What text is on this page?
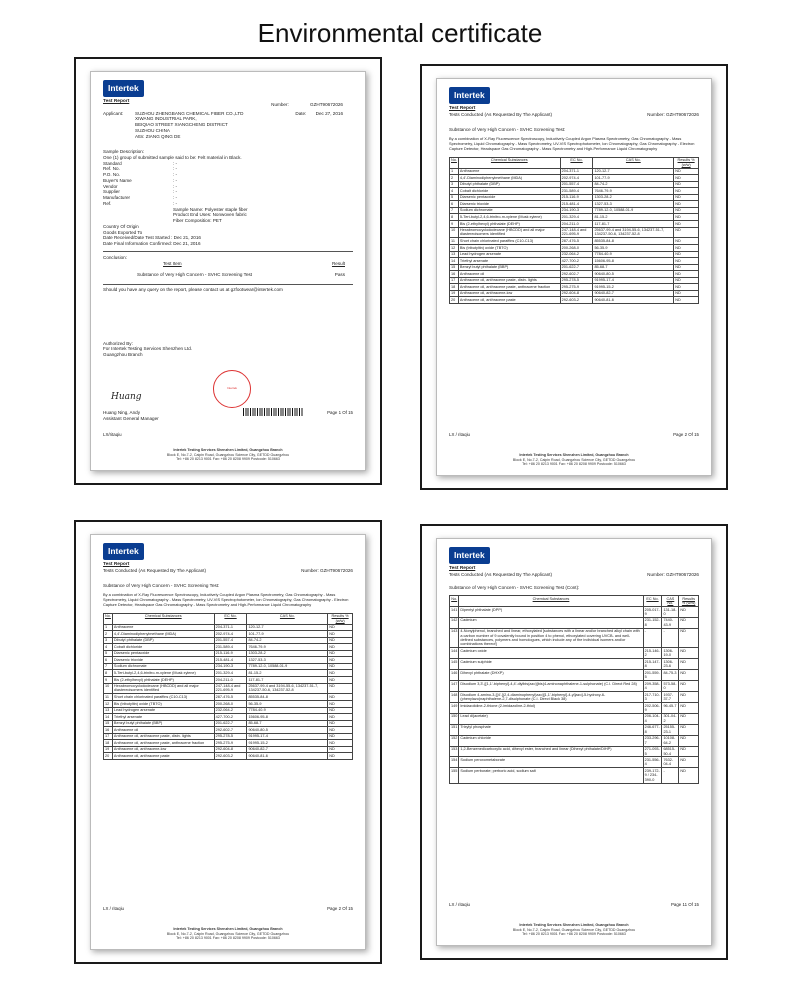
Environmental certificate
Intertek
Test Report
Number:	GZHT90672026
Applicant:	SUZHOU ZHENGBANG CHEMICAL FIBER CO.,LTD
XIWANG INDUSTRIAL PARK,
BEIQIAO STREET XIANGCHENG DISTRICT
SUZHOU CHINA
Attn: ZIANG QING DE
Date: Dec 27, 2016
Sample Description:
One (1) group of submitted sample said to be: Felt material in Black.
Standard	: -
Ref. No.	: -
P.O. No.	: -
Buyer's Name	: -
Vendor	: -
Supplier	: -
Manufacturer	: -
Ref.	: -
Sample Name: Polyester staple fiber
Product End Uses: Nonwoven fabric
Fiber Composition: PET
Country Of Origin
Goods Exported To
Date Received/Date Test Started : Dec 21, 2016
Date Final Information Confirmed: Dec 21, 2016
Conclusion:
Test Item	Result
Substance of Very High Concern - SVHC Screening Test	Pass
Should you have any query on the report, please contact us at gzfootwear@intertek.com
Authorized By:
For Intertek Testing Services Shenzhen Ltd.
Guangzhou Branch
Huang
Intertek
Huang Ning, Andy
Assistant General Manager
Page 1 Of 15
LX/ritaqiu
Intertek Testing Services Shenzhen Limited, Guangzhou Branch
Block E, No.7-2, Caipin Road, Guangzhou Science City, GETDD Guangzhou
Tel: +86 20 8213 9001 Fax: +86 20 8208 9909 Postcode: 510663
Intertek
Test Report
Tests Conducted (As Requested By The Applicant)	Number: GZHT90672026
Substance of Very High Concern - SVHC Screening Test:
By a combination of X-Ray Fluorescence Spectroscopy, Inductively Coupled Argon Plasma Spectrometry, Gas Chromatography - Mass Spectrometry, Liquid Chromatography - Mass Spectrometry, UV-VIS Spectrophotometer, Ion Chromatography, Gas Chromatography - Electron Capture Detector, Headspace Gas Chromatography - Mass Spectrometry and High-Performance Liquid Chromatography
No.	Chemical Substances	EC No.	CAS No.	Results % (w/w)
1	Anthracene	204-371-1	120-12-7	ND
2	4,4'-Diaminodiphenylmethane (MDA)	202-974-4	101-77-9	ND
3	Dibutyl phthalate (DBP)	201-557-4	84-74-2	ND
4	Cobalt dichloride	231-589-4	7646-79-9	ND
5	Diarsenic pentaoxide	215-116-9	1303-28-2	ND
6	Diarsenic trioxide	215-481-4	1327-53-3	ND
7	Sodium dichromate	234-190-3	7789-12-0, 10588-01-9	ND
8	5-Tert-butyl-2,4,6-trinitro-m-xylene (Musk xylene)	201-329-4	81-15-2	ND
9	Bis (2-ethylhexyl) phthalate (DEHP)	204-211-0	117-81-7	ND
10	Hexabromocyclododecane (HBCDD) and all major diastereoisomers identified	247-148-4 and 221-695-9	25637-99-4 and 3194-55-6, 134237-51-7, 134237-50-6, 134237-52-8	ND
11	Short chain chlorinated paraffins (C10-C13)	287-476-5	85535-84-8	ND
12	Bis (tributyltin) oxide (TBTO)	200-268-0	56-35-9	ND
13	Lead hydrogen arsenate	232-064-2	7784-40-9	ND
14	Triethyl arsenate	427-700-2	15606-95-8	ND
15	Benzyl butyl phthalate (BBP)	201-622-7	85-68-7	ND
16	Anthracene oil	292-602-7	90640-80-5	ND
17	Anthracene oil, anthracene paste, distn. lights	295-278-5	91995-17-4	ND
18	Anthracene oil, anthracene paste, anthracene fraction	295-275-9	91995-15-2	ND
19	Anthracene oil, anthracene-low	292-604-8	90640-82-7	ND
20	Anthracene oil, anthracene paste	292-603-2	90640-81-6	ND
Page 2 Of 15
LX / ritaqiu
Intertek Testing Services Shenzhen Limited, Guangzhou Branch
Block E, No.7-2, Caipin Road, Guangzhou Science City, GETDD Guangzhou
Tel: +86 20 8213 9001 Fax: +86 20 8208 9909 Postcode: 510663
Intertek
Test Report
Tests Conducted (As Requested By The Applicant)	Number: GZHT90672026
Substance of Very High Concern - SVHC Screening Test:
By a combination of X-Ray Fluorescence Spectroscopy, Inductively Coupled Argon Plasma Spectrometry, Gas Chromatography - Mass Spectrometry, Liquid Chromatography - Mass Spectrometry, UV-VIS Spectrophotometer, Ion Chromatography, Gas Chromatography - Electron Capture Detector, Headspace Gas Chromatography - Mass Spectrometry and High-Performance Liquid Chromatography
No.	Chemical Substances	EC No.	CAS No.	Results % (w/w)
1	Anthracene	204-371-1	120-12-7	ND
2	4,4'-Diaminodiphenylmethane (MDA)	202-974-4	101-77-9	ND
3	Dibutyl phthalate (DBP)	201-557-4	84-74-2	ND
4	Cobalt dichloride	231-589-4	7646-79-9	ND
5	Diarsenic pentaoxide	215-116-9	1303-28-2	ND
6	Diarsenic trioxide	215-481-4	1327-53-3	ND
7	Sodium dichromate	234-190-3	7789-12-0, 10588-01-9	ND
8	5-Tert-butyl-2,4,6-trinitro-m-xylene (Musk xylene)	201-329-4	81-15-2	ND
9	Bis (2-ethylhexyl) phthalate (DEHP)	204-211-0	117-81-7	ND
10	Hexabromocyclododecane (HBCDD) and all major diastereoisomers identified	247-148-4 and 221-695-9	25637-99-4 and 3194-55-6, 134237-51-7, 134237-50-6, 134237-52-8	ND
11	Short chain chlorinated paraffins (C10-C13)	287-476-5	85535-84-8	ND
12	Bis (tributyltin) oxide (TBTO)	200-268-0	56-35-9	ND
13	Lead hydrogen arsenate	232-064-2	7784-40-9	ND
14	Triethyl arsenate	427-700-2	15606-95-8	ND
15	Benzyl butyl phthalate (BBP)	201-622-7	85-68-7	ND
16	Anthracene oil	292-602-7	90640-80-5	ND
17	Anthracene oil, anthracene paste, distn. lights	295-278-5	91995-17-4	ND
18	Anthracene oil, anthracene paste, anthracene fraction	295-275-9	91995-15-2	ND
19	Anthracene oil, anthracene-low	292-604-8	90640-82-7	ND
20	Anthracene oil, anthracene paste	292-603-2	90640-81-6	ND
Page 2 Of 15
LX / ritaqiu
Intertek Testing Services Shenzhen Limited, Guangzhou Branch
Block E, No.7-2, Caipin Road, Guangzhou Science City, GETDD Guangzhou
Tel: +86 20 8213 9001 Fax: +86 20 8208 9909 Postcode: 510663
Intertek
Test Report
Tests Conducted (As Requested By The Applicant)	Number: GZHT90672026
Substance of Very High Concern - SVHC Screening Test (Cont):
No.	Chemical Substances	EC No.	CAS No.	Results % (w/w)
141	Dipentyl phthalate (DPP)	205-017-9	131-18-0	ND
142	Cadmium	231-152-8	7440-43-9	ND
143	4-Nonylphenol, branched and linear, ethoxylated [substances with a linear and/or branched alkyl chain with a carbon number of 9 covalently bound in position 4 to phenol, ethoxylated covering UVCB- and well-defined substances, polymers and homologues, which include any of the individual isomers and/or combinations thereof]	-	-	ND
144	Cadmium oxide	215-146-2	1306-19-0	ND
145	Cadmium sulphide	215-147-8	1306-23-6	ND
146	Dihexyl phthalate (DHXP)	201-559-5	84-75-3	ND
147	Disodium 3,3'-[[1,1'-biphenyl]-4,4'-diylbis(azo)]bis(4-aminonaphthalene-1-sulphonate) (C.I. Direct Red 28)	209-358-4	573-58-0	ND
148	Disodium 4-amino-3-[[4'-[(2,4-diaminophenyl)azo][1,1'-biphenyl]-4-yl]azo]-5-hydroxy-6-(phenylazo)naphthalene-2,7-disulphonate (C.I. Direct Black 38)	217-710-3	1937-37-7	ND
149	Imidazolidine-2-thione (2-imidazoline-2-thiol)	202-506-9	96-45-7	ND
150	Lead di(acetate)	206-104-4	301-04-2	ND
151	Trixylyl phosphate	246-677-8	25155-23-1	ND
152	Cadmium chloride	233-296-7	10108-64-2	ND
153	1,2-Benzenedicarboxylic acid, dihexyl ester, branched and linear (Dihexyl phthalate/DIHP)	271-093-5	68515-50-4	ND
154	Sodium peroxometaborate	231-556-4	7632-04-4	ND
155	Sodium perborate; perboric acid, sodium salt	239-172-9 / 234-390-0	-	ND
Page 11 Of 15
LX / ritaqiu
Intertek Testing Services Shenzhen Limited, Guangzhou Branch
Block E, No.7-2, Caipin Road, Guangzhou Science City, GETDD Guangzhou
Tel: +86 20 8213 9001 Fax: +86 20 8208 9909 Postcode: 510663
